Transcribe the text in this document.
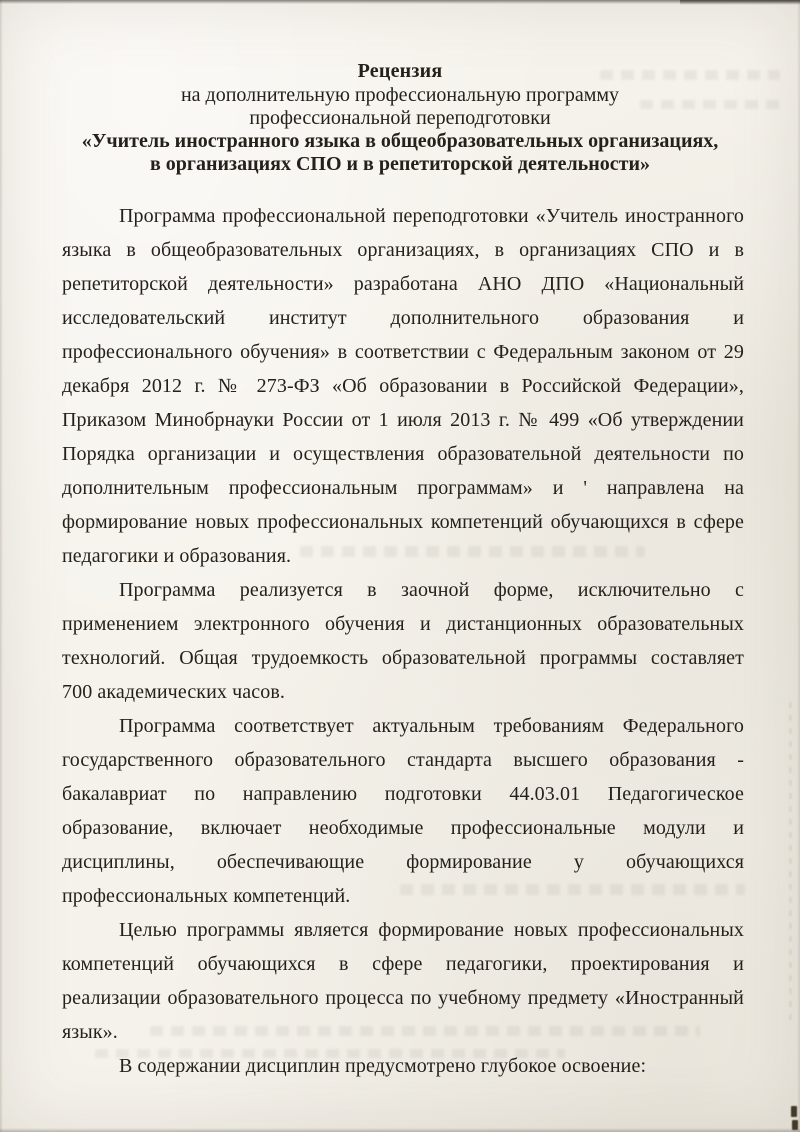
Рецензия
на дополнительную профессиональную программу
профессиональной переподготовки
«Учитель иностранного языка в общеобразовательных организациях,
в организациях СПО и в репетиторской деятельности»
Программа профессиональной переподготовки «Учитель иностранного
языка в общеобразовательных организациях, в организациях СПО и в
репетиторской деятельности» разработана АНО ДПО «Национальный
исследовательский институт дополнительного образования и
профессионального обучения» в соответствии с Федеральным законом от 29
декабря 2012 г. № 273-ФЗ «Об образовании в Российской Федерации»,
Приказом Минобрнауки России от 1 июля 2013 г. № 499 «Об утверждении
Порядка организации и осуществления образовательной деятельности по
дополнительным профессиональным программам» и ' направлена на
формирование новых профессиональных компетенций обучающихся в сфере
педагогики и образования.
Программа реализуется в заочной форме, исключительно с
применением электронного обучения и дистанционных образовательных
технологий. Общая трудоемкость образовательной программы составляет
700 академических часов.
Программа соответствует актуальным требованиям Федерального
государственного образовательного стандарта высшего образования -
бакалавриат по направлению подготовки 44.03.01 Педагогическое
образование, включает необходимые профессиональные модули и
дисциплины, обеспечивающие формирование у обучающихся
профессиональных компетенций.
Целью программы является формирование новых профессиональных
компетенций обучающихся в сфере педагогики, проектирования и
реализации образовательного процесса по учебному предмету «Иностранный
язык».
В содержании дисциплин предусмотрено глубокое освоение:
